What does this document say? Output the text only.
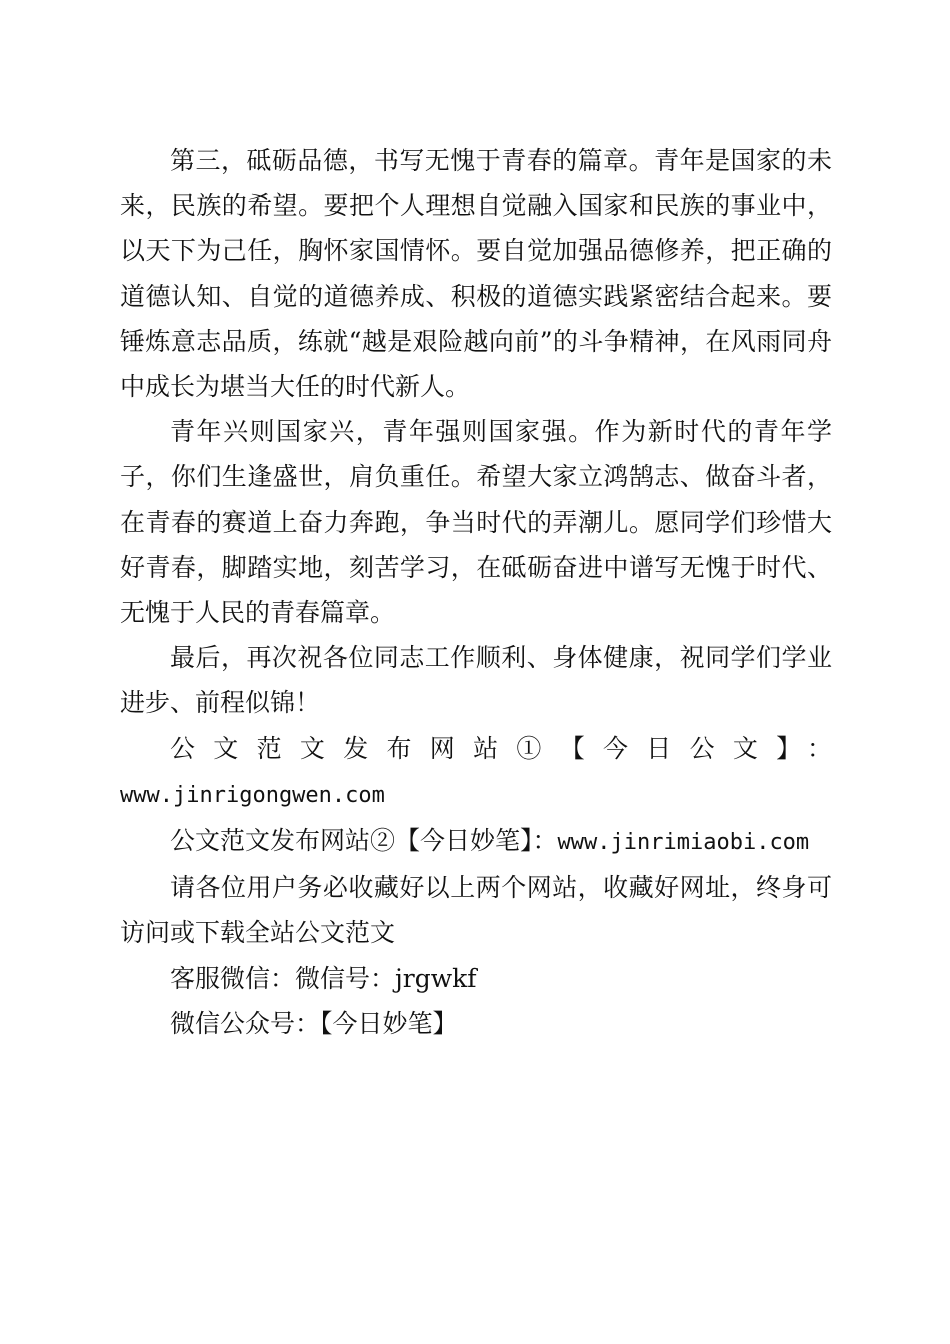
第三，砥砺品德，书写无愧于青春的篇章。青年是国家的未来，民族的希望。要把个人理想自觉融入国家和民族的事业中，以天下为己任，胸怀家国情怀。要自觉加强品德修养，把正确的道德认知、自觉的道德养成、积极的道德实践紧密结合起来。要锤炼意志品质，练就“越是艰险越向前”的斗争精神，在风雨同舟中成长为堪当大任的时代新人。

青年兴则国家兴，青年强则国家强。作为新时代的青年学子，你们生逢盛世，肩负重任。希望大家立鸿鹄志、做奋斗者，在青春的赛道上奋力奔跑，争当时代的弄潮儿。愿同学们珍惜大好青春，脚踏实地，刻苦学习，在砥砺奋进中谱写无愧于时代、无愧于人民的青春篇章。

最后，再次祝各位同志工作顺利、身体健康，祝同学们学业进步、前程似锦！

公文范文发布网站①【今日公文】：

www.jinrigongwen.com

公文范文发布网站②【今日妙笔】：www.jinrimiaobi.com

请各位用户务必收藏好以上两个网站，收藏好网址，终身可访问或下载全站公文范文

客服微信：微信号：jrgwkf

微信公众号：【今日妙笔】
